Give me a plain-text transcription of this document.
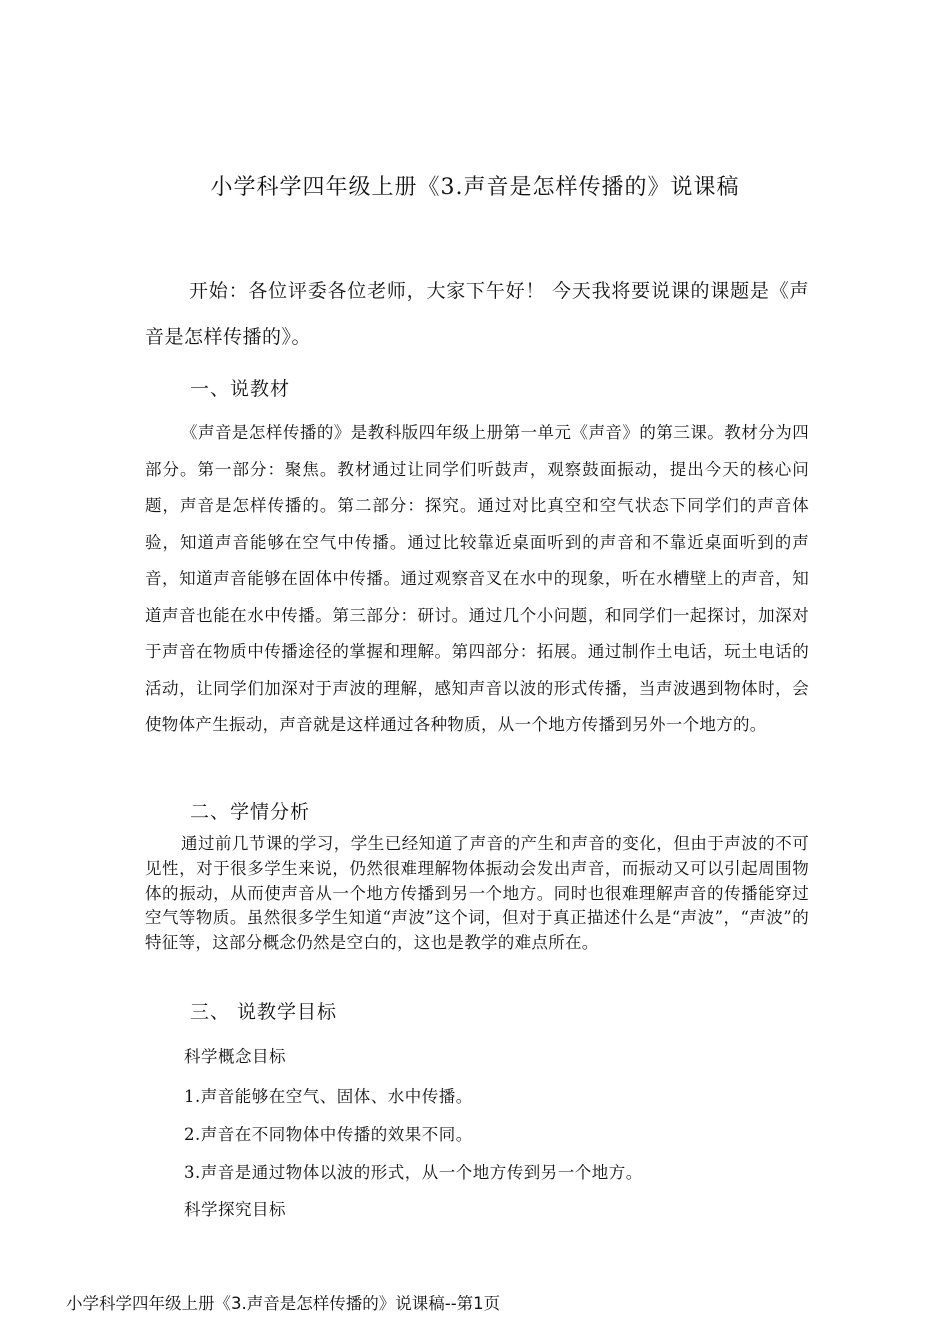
小学科学四年级上册《3.声音是怎样传播的》说课稿
开始：各位评委各位老师，大家下午好！ 今天我将要说课的课题是《声音是怎样传播的》。
一、说教材
《声音是怎样传播的》是教科版四年级上册第一单元《声音》的第三课。教材分为四部分。第一部分：聚焦。教材通过让同学们听鼓声，观察鼓面振动，提出今天的核心问题，声音是怎样传播的。第二部分：探究。通过对比真空和空气状态下同学们的声音体验，知道声音能够在空气中传播。通过比较靠近桌面听到的声音和不靠近桌面听到的声音，知道声音能够在固体中传播。通过观察音叉在水中的现象，听在水槽壁上的声音，知道声音也能在水中传播。第三部分：研讨。通过几个小问题，和同学们一起探讨，加深对于声音在物质中传播途径的掌握和理解。第四部分：拓展。通过制作土电话，玩土电话的活动，让同学们加深对于声波的理解，感知声音以波的形式传播，当声波遇到物体时，会使物体产生振动，声音就是这样通过各种物质，从一个地方传播到另外一个地方的。
二、学情分析
通过前几节课的学习，学生已经知道了声音的产生和声音的变化，但由于声波的不可见性，对于很多学生来说，仍然很难理解物体振动会发出声音，而振动又可以引起周围物体的振动，从而使声音从一个地方传播到另一个地方。同时也很难理解声音的传播能穿过空气等物质。虽然很多学生知道“声波”这个词，但对于真正描述什么是“声波”，“声波”的特征等，这部分概念仍然是空白的，这也是教学的难点所在。
三、 说教学目标
科学概念目标
1.声音能够在空气、固体、水中传播。
2.声音在不同物体中传播的效果不同。
3.声音是通过物体以波的形式，从一个地方传到另一个地方。
科学探究目标
小学科学四年级上册《3.声音是怎样传播的》说课稿--第1页
